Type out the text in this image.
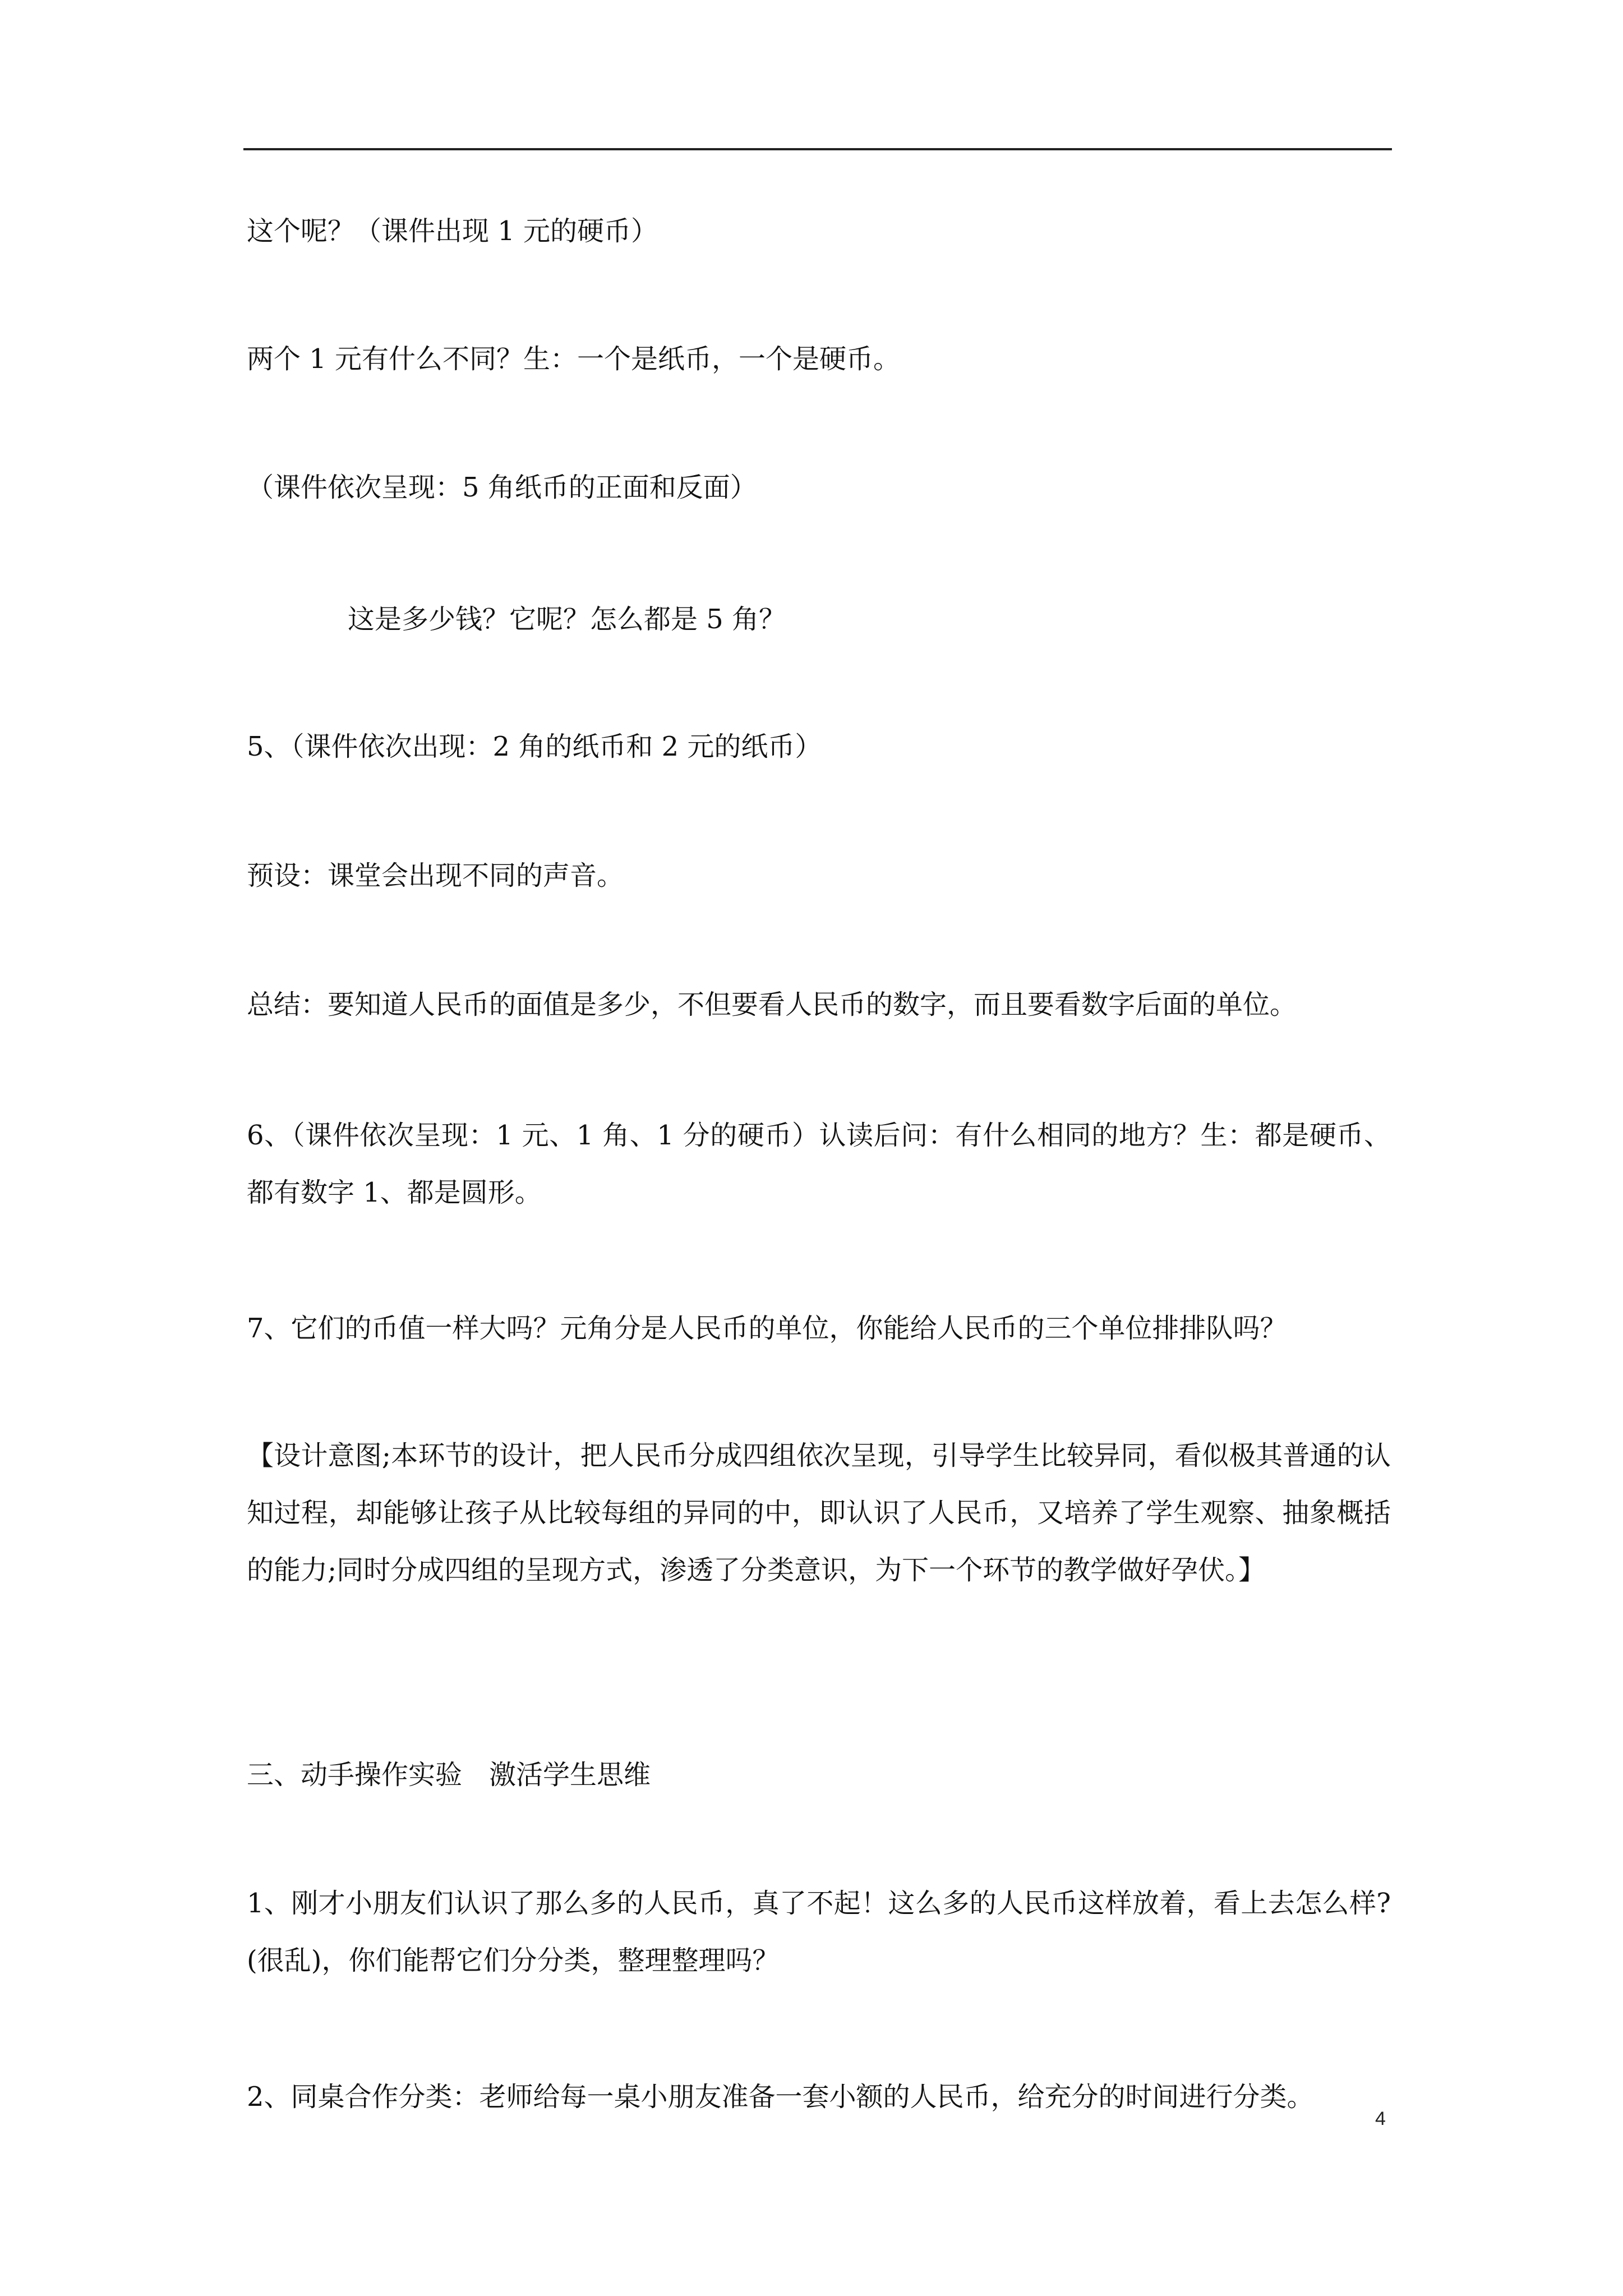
这个呢？（课件出现 1 元的硬币）

两个 1 元有什么不同？生：一个是纸币，一个是硬币。

（课件依次呈现：5 角纸币的正面和反面）

这是多少钱？它呢？怎么都是 5 角？

5、（课件依次出现：2 角的纸币和 2 元的纸币）

预设：课堂会出现不同的声音。

总结：要知道人民币的面值是多少，不但要看人民币的数字，而且要看数字后面的单位。

6、（课件依次呈现：1 元、1 角、1 分的硬币）认读后问：有什么相同的地方？生：都是硬币、都有数字 1、都是圆形。

7、它们的币值一样大吗？元角分是人民币的单位，你能给人民币的三个单位排排队吗？

【设计意图;本环节的设计，把人民币分成四组依次呈现，引导学生比较异同，看似极其普通的认知过程，却能够让孩子从比较每组的异同的中，即认识了人民币，又培养了学生观察、抽象概括的能力;同时分成四组的呈现方式，渗透了分类意识，为下一个环节的教学做好孕伏。】

三、动手操作实验　激活学生思维

1、刚才小朋友们认识了那么多的人民币，真了不起！这么多的人民币这样放着，看上去怎么样?(很乱)，你们能帮它们分分类，整理整理吗？

2、同桌合作分类：老师给每一桌小朋友准备一套小额的人民币，给充分的时间进行分类。

4
